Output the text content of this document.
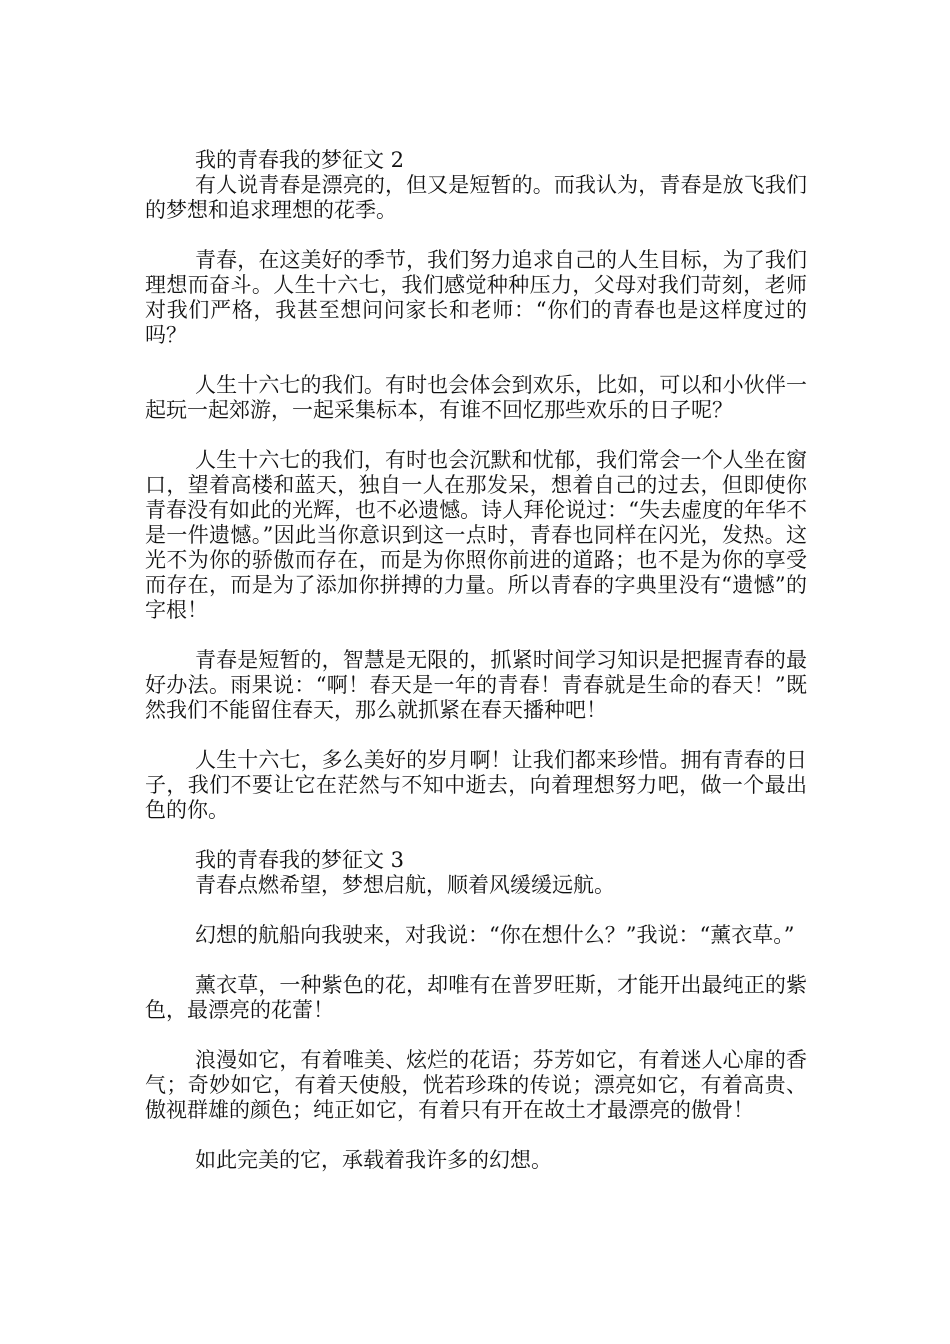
我的青春我的梦征文 2

有人说青春是漂亮的，但又是短暂的。而我认为，青春是放飞我们的梦想和追求理想的花季。

青春，在这美好的季节，我们努力追求自己的人生目标，为了我们理想而奋斗。人生十六七，我们感觉种种压力，父母对我们苛刻，老师对我们严格，我甚至想问问家长和老师：“你们的青春也是这样度过的吗？

人生十六七的我们。有时也会体会到欢乐，比如，可以和小伙伴一起玩一起郊游，一起采集标本，有谁不回忆那些欢乐的日子呢？

人生十六七的我们，有时也会沉默和忧郁，我们常会一个人坐在窗口，望着高楼和蓝天，独自一人在那发呆，想着自己的过去，但即使你青春没有如此的光辉，也不必遗憾。诗人拜伦说过：“失去虚度的年华不是一件遗憾。”因此当你意识到这一点时，青春也同样在闪光，发热。这光不为你的骄傲而存在，而是为你照你前进的道路；也不是为你的享受而存在，而是为了添加你拼搏的力量。所以青春的字典里没有“遗憾”的字根！

青春是短暂的，智慧是无限的，抓紧时间学习知识是把握青春的最好办法。雨果说：“啊！春天是一年的青春！青春就是生命的春天！”既然我们不能留住春天，那么就抓紧在春天播种吧！

人生十六七，多么美好的岁月啊！让我们都来珍惜。拥有青春的日子，我们不要让它在茫然与不知中逝去，向着理想努力吧，做一个最出色的你。

我的青春我的梦征文 3

青春点燃希望，梦想启航，顺着风缓缓远航。

幻想的航船向我驶来，对我说：“你在想什么？”我说：“薰衣草。”

薰衣草，一种紫色的花，却唯有在普罗旺斯，才能开出最纯正的紫色，最漂亮的花蕾！

浪漫如它，有着唯美、炫烂的花语；芬芳如它，有着迷人心扉的香气；奇妙如它，有着天使般，恍若珍珠的传说；漂亮如它，有着高贵、傲视群雄的颜色；纯正如它，有着只有开在故土才最漂亮的傲骨！

如此完美的它，承载着我许多的幻想。
